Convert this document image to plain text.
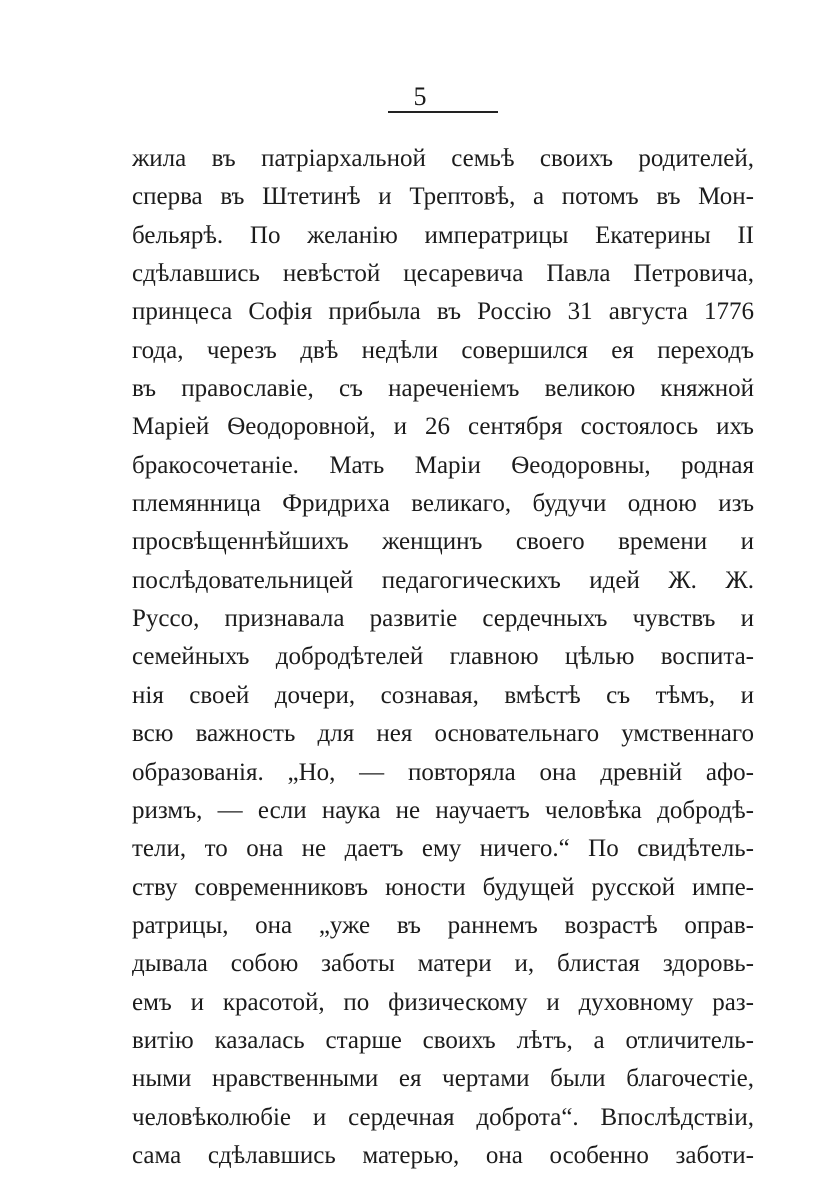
5
жила въ патріархальной семьѣ своихъ родителей,
сперва въ Штетинѣ и Трептовѣ, а потомъ въ Мон-
бельярѣ. По желанію императрицы Екатерины II
сдѣлавшись невѣстой цесаревича Павла Петровича,
принцеса Софія прибыла въ Россію 31 августа 1776
года, черезъ двѣ недѣли совершился ея переходъ
въ православіе, съ нареченіемъ великою княжной
Маріей Ѳеодоровной, и 26 сентября состоялось ихъ
бракосочетаніе. Мать Маріи Ѳеодоровны, родная
племянница Фридриха великаго, будучи одною изъ
просвѣщеннѣйшихъ женщинъ своего времени и
послѣдовательницей педагогическихъ идей Ж. Ж.
Руссо, признавала развитіе сердечныхъ чувствъ и
семейныхъ добродѣтелей главною цѣлью воспита-
нія своей дочери, сознавая, вмѣстѣ съ тѣмъ, и
всю важность для нея основательнаго умственнаго
образованія. „Но, — повторяла она древній афо-
ризмъ, — если наука не научаетъ человѣка добродѣ-
тели, то она не даетъ ему ничего.“ По свидѣтель-
ству современниковъ юности будущей русской импе-
ратрицы, она „уже въ раннемъ возрастѣ оправ-
дывала собою заботы матери и, блистая здоровь-
емъ и красотой, по физическому и духовному раз-
витію казалась старше своихъ лѣтъ, а отличитель-
ными нравственными ея чертами были благочестіе,
человѣколюбіе и сердечная доброта“. Впослѣдствіи,
сама сдѣлавшись матерью, она особенно заботи-
